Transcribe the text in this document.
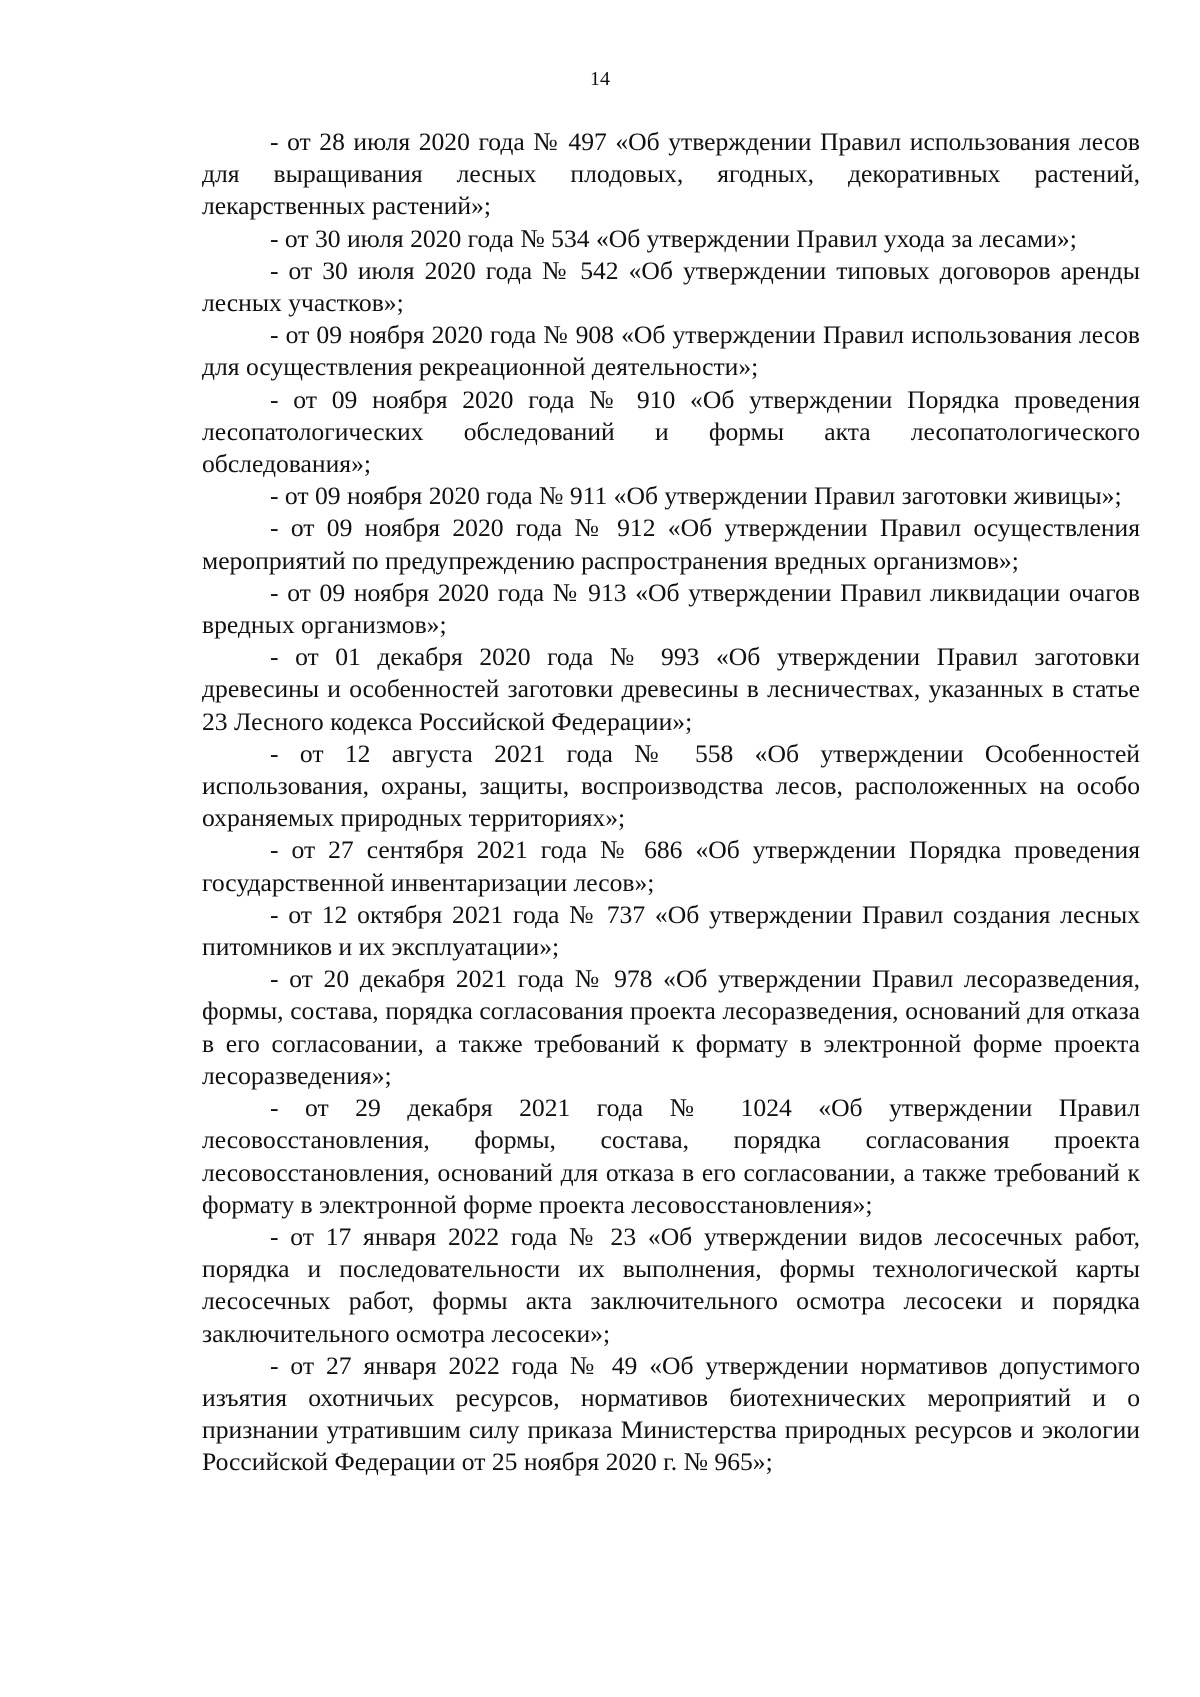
14

- от 28 июля 2020 года № 497 «Об утверждении Правил использования лесов для выращивания лесных плодовых, ягодных, декоративных растений, лекарственных растений»;

- от 30 июля 2020 года № 534 «Об утверждении Правил ухода за лесами»;

- от 30 июля 2020 года № 542 «Об утверждении типовых договоров аренды лесных участков»;

- от 09 ноября 2020 года № 908 «Об утверждении Правил использования лесов для осуществления рекреационной деятельности»;

- от 09 ноября 2020 года № 910 «Об утверждении Порядка проведения лесопатологических обследований и формы акта лесопатологического обследования»;

- от 09 ноября 2020 года № 911 «Об утверждении Правил заготовки живицы»;

- от 09 ноября 2020 года № 912 «Об утверждении Правил осуществления мероприятий по предупреждению распространения вредных организмов»;

- от 09 ноября 2020 года № 913 «Об утверждении Правил ликвидации очагов вредных организмов»;

- от 01 декабря 2020 года № 993 «Об утверждении Правил заготовки древесины и особенностей заготовки древесины в лесничествах, указанных в статье 23 Лесного кодекса Российской Федерации»;

- от 12 августа 2021 года № 558 «Об утверждении Особенностей использования, охраны, защиты, воспроизводства лесов, расположенных на особо охраняемых природных территориях»;

- от 27 сентября 2021 года № 686 «Об утверждении Порядка проведения государственной инвентаризации лесов»;

- от 12 октября 2021 года № 737 «Об утверждении Правил создания лесных питомников и их эксплуатации»;

- от 20 декабря 2021 года № 978 «Об утверждении Правил лесоразведения, формы, состава, порядка согласования проекта лесоразведения, оснований для отказа в его согласовании, а также требований к формату в электронной форме проекта лесоразведения»;

- от 29 декабря 2021 года № 1024 «Об утверждении Правил лесовосстановления, формы, состава, порядка согласования проекта лесовосстановления, оснований для отказа в его согласовании, а также требований к формату в электронной форме проекта лесовосстановления»;

- от 17 января 2022 года № 23 «Об утверждении видов лесосечных работ, порядка и последовательности их выполнения, формы технологической карты лесосечных работ, формы акта заключительного осмотра лесосеки и порядка заключительного осмотра лесосеки»;

- от 27 января 2022 года № 49 «Об утверждении нормативов допустимого изъятия охотничьих ресурсов, нормативов биотехнических мероприятий и о признании утратившим силу приказа Министерства природных ресурсов и экологии Российской Федерации от 25 ноября 2020 г. № 965»;
